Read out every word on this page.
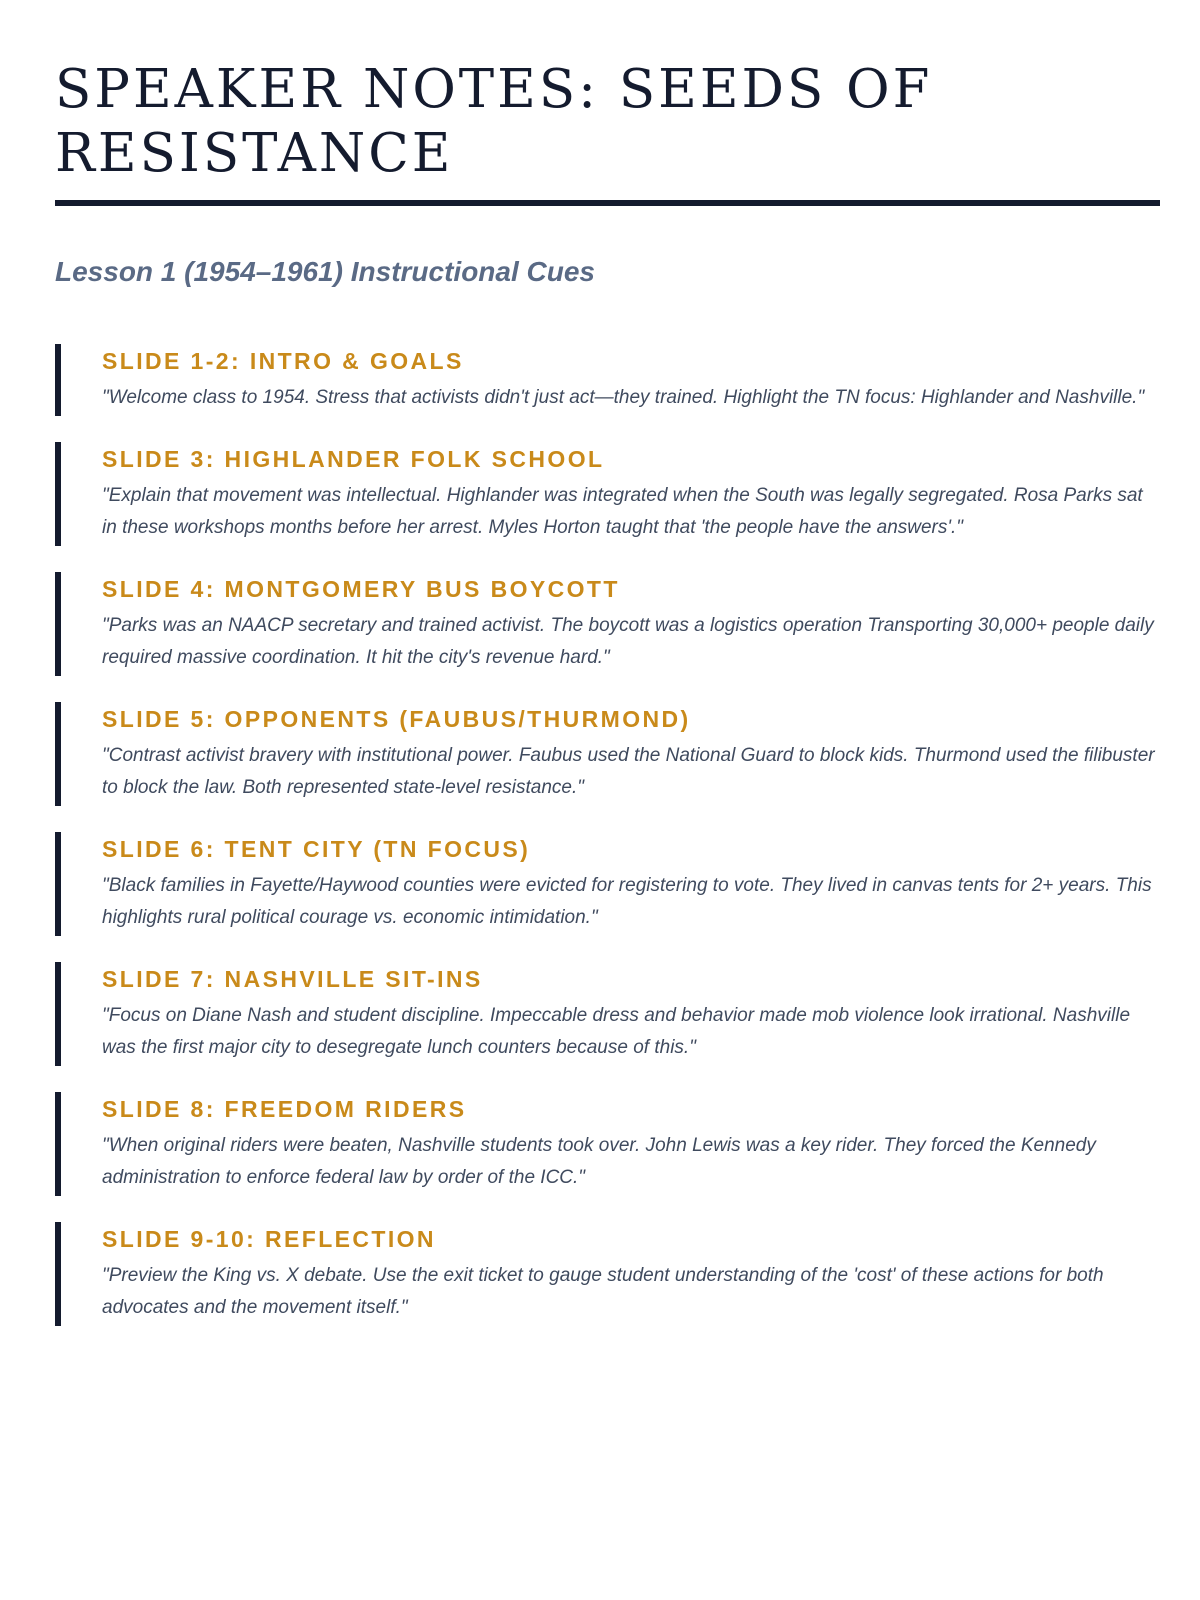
SPEAKER NOTES: SEEDS OF RESISTANCE
Lesson 1 (1954–1961) Instructional Cues
SLIDE 1-2: INTRO & GOALS

"Welcome class to 1954. Stress that activists didn't just act—they trained. Highlight the TN focus: Highlander and Nashville."

SLIDE 3: HIGHLANDER FOLK SCHOOL

"Explain that movement was intellectual. Highlander was integrated when the South was legally segregated. Rosa Parks sat in these workshops months before her arrest. Myles Horton taught that 'the people have the answers'."

SLIDE 4: MONTGOMERY BUS BOYCOTT

"Parks was an NAACP secretary and trained activist. The boycott was a logistics operation Transporting 30,000+ people daily required massive coordination. It hit the city's revenue hard."

SLIDE 5: OPPONENTS (FAUBUS/THURMOND)

"Contrast activist bravery with institutional power. Faubus used the National Guard to block kids. Thurmond used the filibuster to block the law. Both represented state-level resistance."

SLIDE 6: TENT CITY (TN FOCUS)

"Black families in Fayette/Haywood counties were evicted for registering to vote. They lived in canvas tents for 2+ years. This highlights rural political courage vs. economic intimidation."

SLIDE 7: NASHVILLE SIT-INS

"Focus on Diane Nash and student discipline. Impeccable dress and behavior made mob violence look irrational. Nashville was the first major city to desegregate lunch counters because of this."

SLIDE 8: FREEDOM RIDERS

"When original riders were beaten, Nashville students took over. John Lewis was a key rider. They forced the Kennedy administration to enforce federal law by order of the ICC."

SLIDE 9-10: REFLECTION

"Preview the King vs. X debate. Use the exit ticket to gauge student understanding of the 'cost' of these actions for both advocates and the movement itself."
